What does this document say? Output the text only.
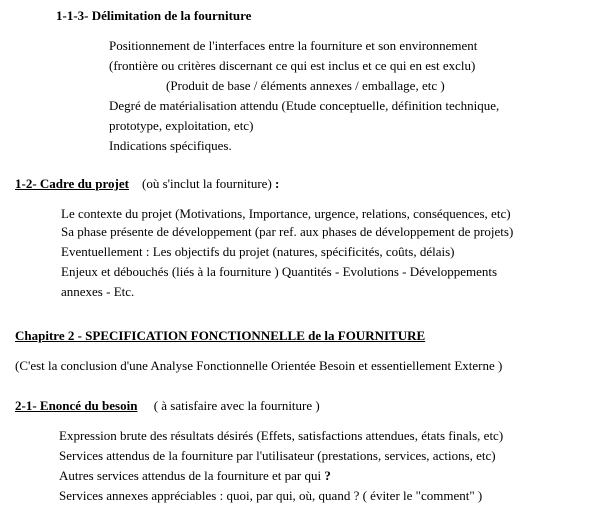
1-1-3- Délimitation de la fourniture
Positionnement de l'interfaces entre la fourniture et son environnement
(frontière ou critères discernant ce qui est inclus et ce qui en est exclu)
(Produit de base / éléments annexes / emballage, etc )
Degré de matérialisation attendu (Etude conceptuelle, définition technique,
prototype, exploitation, etc)
Indications spécifiques.
1-2- Cadre du projet (où s'inclut la fourniture) :
Le contexte du projet (Motivations, Importance, urgence, relations, conséquences, etc)
Sa phase présente de développement (par ref. aux phases de développement de projets)
Eventuellement : Les objectifs du projet (natures, spécificités, coûts, délais)
Enjeux et débouchés (liés à la fourniture ) Quantités - Evolutions - Développements
annexes - Etc.
Chapitre 2 - SPECIFICATION FONCTIONNELLE de la FOURNITURE
(C'est la conclusion d'une Analyse Fonctionnelle Orientée Besoin et essentiellement Externe )
2-1- Enoncé du besoin ( à satisfaire avec la fourniture )
Expression brute des résultats désirés (Effets, satisfactions attendues, états finals, etc)
Services attendus de la fourniture par l'utilisateur (prestations, services, actions, etc)
Autres services attendus de la fourniture et par qui ?
Services annexes appréciables : quoi, par qui, où, quand ? ( éviter le "comment" )
